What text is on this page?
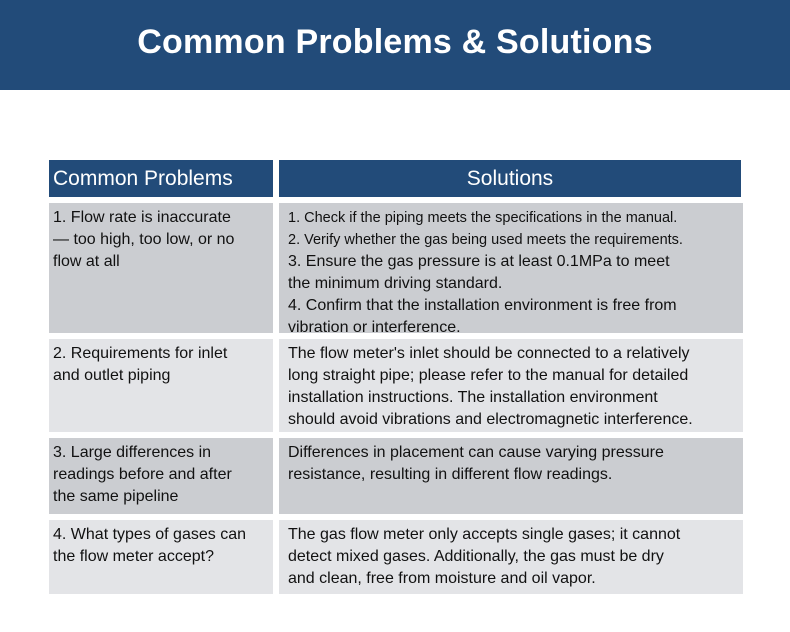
Common Problems & Solutions
Common Problems	Solutions
1. Flow rate is inaccurate
— too high, too low, or no
flow at all
1. Check if the piping meets the specifications in the manual.
2. Verify whether the gas being used meets the requirements.
3. Ensure the gas pressure is at least 0.1MPa to meet
the minimum driving standard.
4. Confirm that the installation environment is free from
vibration or interference.
2. Requirements for inlet
and outlet piping
The flow meter's inlet should be connected to a relatively
long straight pipe; please refer to the manual for detailed
installation instructions. The installation environment
should avoid vibrations and electromagnetic interference.
3. Large differences in
readings before and after
the same pipeline
Differences in placement can cause varying pressure
resistance, resulting in different flow readings.
4. What types of gases can
the flow meter accept?
The gas flow meter only accepts single gases; it cannot
detect mixed gases. Additionally, the gas must be dry
and clean, free from moisture and oil vapor.
